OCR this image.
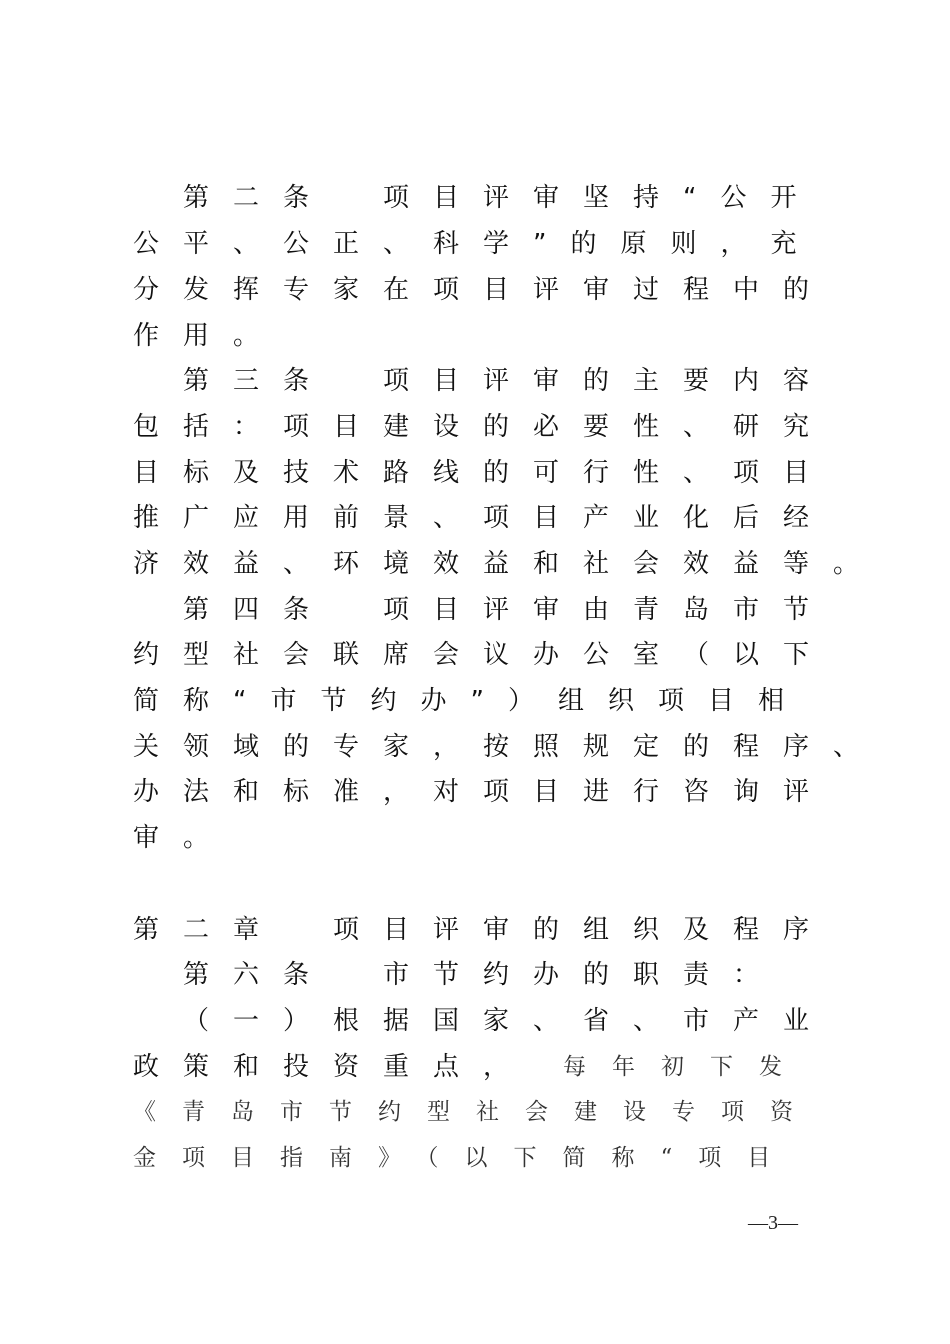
第二条　项目评审坚持“公开
公平、公正、科学”的原则，充
分发挥专家在项目评审过程中的
作用。
第三条　项目评审的主要内容
包括：项目建设的必要性、研究
目标及技术路线的可行性、项目
推广应用前景、项目产业化后经
济效益、环境效益和社会效益等。
第四条　项目评审由青岛市节
约型社会联席会议办公室（以下
简称“市节约办”）组织项目相
关领域的专家，按照规定的程序、
办法和标准，对项目进行咨询评
审。
第二章　项目评审的组织及程序
第六条　市节约办的职责：
（一）根据国家、省、市产业
政策和投资重点，	每年初下发
《青岛市节约型社会建设专项资
金项目指南》（以下简称“项目
—3—
